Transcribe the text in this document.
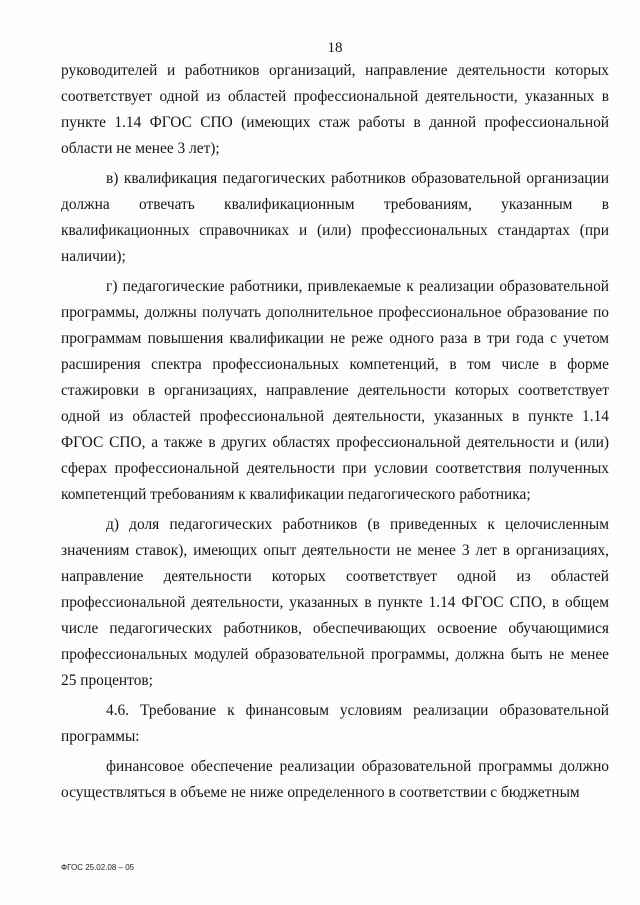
18

руководителей и работников организаций, направление деятельности которых соответствует одной из областей профессиональной деятельности, указанных в пункте 1.14 ФГОС СПО (имеющих стаж работы в данной профессиональной области не менее 3 лет);

в) квалификация педагогических работников образовательной организации должна отвечать квалификационным требованиям, указанным в квалификационных справочниках и (или) профессиональных стандартах (при наличии);

г) педагогические работники, привлекаемые к реализации образовательной программы, должны получать дополнительное профессиональное образование по программам повышения квалификации не реже одного раза в три года с учетом расширения спектра профессиональных компетенций, в том числе в форме стажировки в организациях, направление деятельности которых соответствует одной из областей профессиональной деятельности, указанных в пункте 1.14 ФГОС СПО, а также в других областях профессиональной деятельности и (или) сферах профессиональной деятельности при условии соответствия полученных компетенций требованиям к квалификации педагогического работника;

д) доля педагогических работников (в приведенных к целочисленным значениям ставок), имеющих опыт деятельности не менее 3 лет в организациях, направление деятельности которых соответствует одной из областей профессиональной деятельности, указанных в пункте 1.14 ФГОС СПО, в общем числе педагогических работников, обеспечивающих освоение обучающимися профессиональных модулей образовательной программы, должна быть не менее 25 процентов;

4.6. Требование к финансовым условиям реализации образовательной программы:

финансовое обеспечение реализации образовательной программы должно осуществляться в объеме не ниже определенного в соответствии с бюджетным

ФГОС 25.02.08 – 05
